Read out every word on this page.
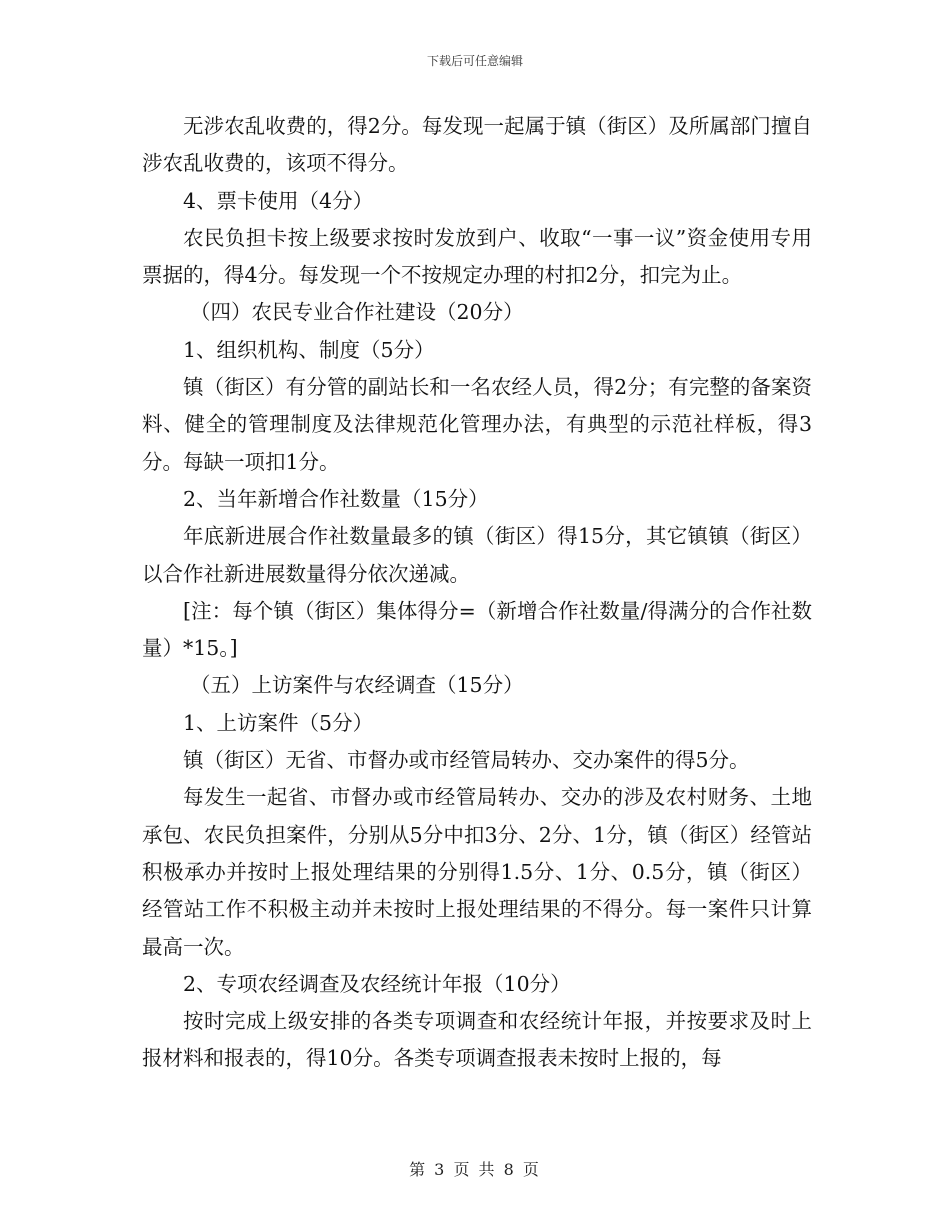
下载后可任意编辑

无涉农乱收费的，得2分。每发现一起属于镇（街区）及所属部门擅自涉农乱收费的，该项不得分。

4、票卡使用（4分）

农民负担卡按上级要求按时发放到户、收取“一事一议”资金使用专用票据的，得4分。每发现一个不按规定办理的村扣2分，扣完为止。

（四）农民专业合作社建设（20分）

1、组织机构、制度（5分）

镇（街区）有分管的副站长和一名农经人员，得2分；有完整的备案资料、健全的管理制度及法律规范化管理办法，有典型的示范社样板，得3分。每缺一项扣1分。

2、当年新增合作社数量（15分）

年底新进展合作社数量最多的镇（街区）得15分，其它镇镇（街区）以合作社新进展数量得分依次递减。

[注：每个镇（街区）集体得分=（新增合作社数量/得满分的合作社数量）*15。]

（五）上访案件与农经调查（15分）

1、上访案件（5分）

镇（街区）无省、市督办或市经管局转办、交办案件的得5分。

每发生一起省、市督办或市经管局转办、交办的涉及农村财务、土地承包、农民负担案件，分别从5分中扣3分、2分、1分，镇（街区）经管站积极承办并按时上报处理结果的分别得1.5分、1分、0.5分，镇（街区）经管站工作不积极主动并未按时上报处理结果的不得分。每一案件只计算最高一次。

2、专项农经调查及农经统计年报（10分）

按时完成上级安排的各类专项调查和农经统计年报，并按要求及时上报材料和报表的，得10分。各类专项调查报表未按时上报的，每

第 3 页 共 8 页
